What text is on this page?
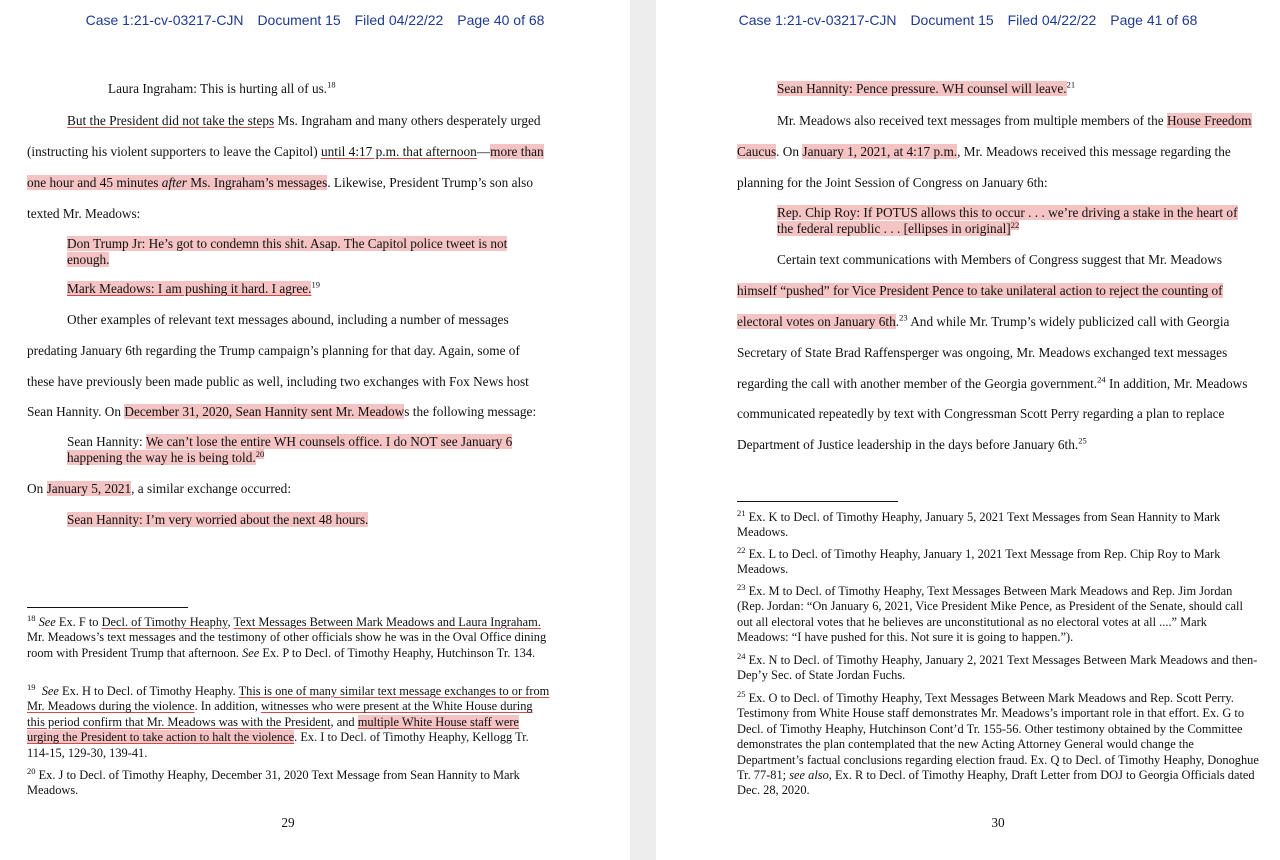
Case 1:21-cv-03217-CJN Document 15 Filed 04/22/22 Page 40 of 68
Laura Ingraham: This is hurting all of us.$^{18}$
But the President did not take the steps Ms. Ingraham and many others desperately urged
(instructing his violent supporters to leave the Capitol) until 4:17 p.m. that afternoon—more than
one hour and 45 minutes after Ms. Ingraham’s messages. Likewise, President Trump’s son also
texted Mr. Meadows:
Don Trump Jr: He’s got to condemn this shit. Asap. The Capitol police tweet is not enough.
Mark Meadows: I am pushing it hard. I agree.$^{19}$
Other examples of relevant text messages abound, including a number of messages
predating January 6th regarding the Trump campaign’s planning for that day. Again, some of
these have previously been made public as well, including two exchanges with Fox News host
Sean Hannity. On December 31, 2020, Sean Hannity sent Mr. Meadows the following message:
Sean Hannity: We can’t lose the entire WH counsels office. I do NOT see January 6 happening the way he is being told.$^{20}$
On January 5, 2021, a similar exchange occurred:
Sean Hannity: I’m very worried about the next 48 hours.

$^{18}$ See Ex. F to Decl. of Timothy Heaphy, Text Messages Between Mark Meadows and Laura Ingraham. Mr. Meadows’s text messages and the testimony of other officials show he was in the Oval Office dining room with President Trump that afternoon. See Ex. P to Decl. of Timothy Heaphy, Hutchinson Tr. 134.

$^{19}$ See Ex. H to Decl. of Timothy Heaphy. This is one of many similar text message exchanges to or from Mr. Meadows during the violence. In addition, witnesses who were present at the White House during this period confirm that Mr. Meadows was with the President, and multiple White House staff were urging the President to take action to halt the violence. Ex. I to Decl. of Timothy Heaphy, Kellogg Tr. 114-15, 129-30, 139-41.

$^{20}$ Ex. J to Decl. of Timothy Heaphy, December 31, 2020 Text Message from Sean Hannity to Mark Meadows.

29
Case 1:21-cv-03217-CJN Document 15 Filed 04/22/22 Page 41 of 68
Sean Hannity: Pence pressure. WH counsel will leave.$^{21}$
Mr. Meadows also received text messages from multiple members of the House Freedom
Caucus. On January 1, 2021, at 4:17 p.m., Mr. Meadows received this message regarding the
planning for the Joint Session of Congress on January 6th:
Rep. Chip Roy: If POTUS allows this to occur . . . we’re driving a stake in the heart of the federal republic . . . [ellipses in original]$^{22}$
Certain text communications with Members of Congress suggest that Mr. Meadows
himself “pushed” for Vice President Pence to take unilateral action to reject the counting of
electoral votes on January 6th.$^{23}$ And while Mr. Trump’s widely publicized call with Georgia
Secretary of State Brad Raffensperger was ongoing, Mr. Meadows exchanged text messages
regarding the call with another member of the Georgia government.$^{24}$ In addition, Mr. Meadows
communicated repeatedly by text with Congressman Scott Perry regarding a plan to replace
Department of Justice leadership in the days before January 6th.$^{25}$

$^{21}$ Ex. K to Decl. of Timothy Heaphy, January 5, 2021 Text Messages from Sean Hannity to Mark Meadows.

$^{22}$ Ex. L to Decl. of Timothy Heaphy, January 1, 2021 Text Message from Rep. Chip Roy to Mark Meadows.

$^{23}$ Ex. M to Decl. of Timothy Heaphy, Text Messages Between Mark Meadows and Rep. Jim Jordan (Rep. Jordan: “On January 6, 2021, Vice President Mike Pence, as President of the Senate, should call out all electoral votes that he believes are unconstitutional as no electoral votes at all ....” Mark Meadows: “I have pushed for this. Not sure it is going to happen.”).

$^{24}$ Ex. N to Decl. of Timothy Heaphy, January 2, 2021 Text Messages Between Mark Meadows and then-Dep’y Sec. of State Jordan Fuchs.

$^{25}$ Ex. O to Decl. of Timothy Heaphy, Text Messages Between Mark Meadows and Rep. Scott Perry. Testimony from White House staff demonstrates Mr. Meadows’s important role in that effort. Ex. G to Decl. of Timothy Heaphy, Hutchinson Cont’d Tr. 155-56. Other testimony obtained by the Committee demonstrates the plan contemplated that the new Acting Attorney General would change the Department’s factual conclusions regarding election fraud. Ex. Q to Decl. of Timothy Heaphy, Donoghue Tr. 77-81; see also, Ex. R to Decl. of Timothy Heaphy, Draft Letter from DOJ to Georgia Officials dated Dec. 28, 2020.

30
